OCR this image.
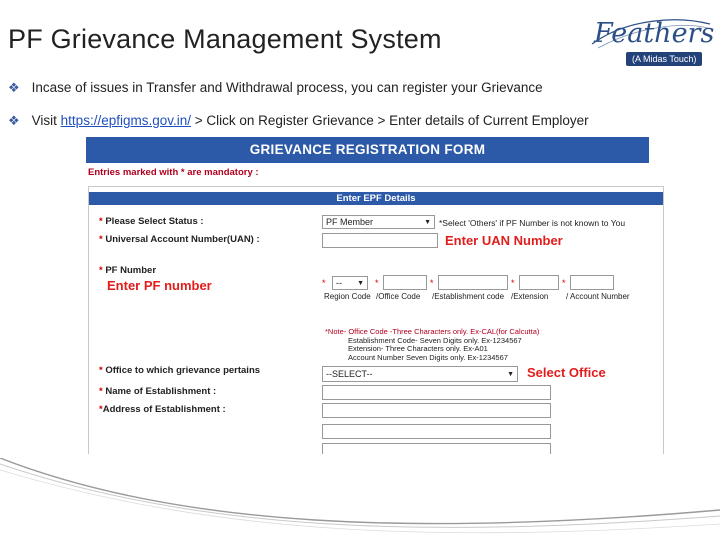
PF Grievance Management System	Feathers
(A Midas Touch)
❖ Incase of issues in Transfer and Withdrawal process, you can register your Grievance
❖ Visit https://epfigms.gov.in/ > Click on Register Grievance > Enter details of Current Employer
GRIEVANCE REGISTRATION FORM
Entries marked with * are mandatory :
Enter EPF Details
* Please Select Status :	PF Member	▼ *Select 'Others' if PF Number is not known to You
* Universal Account Number(UAN) :	Enter UAN Number
* PF Number
Enter PF number	*	-- ▼ *	*	*	*
Region Code /Office Code /Establishment code /Extension / Account Number
*Note- Office Code -Three Characters only. Ex-CAL(for Calcutta)
Establishment Code- Seven Digits only. Ex-1234567
Extension- Three Characters only. Ex-A01
Account Number Seven Digits only. Ex-1234567
* Office to which grievance pertains	--SELECT--	▼ Select Office
* Name of Establishment :
*Address of Establishment :
